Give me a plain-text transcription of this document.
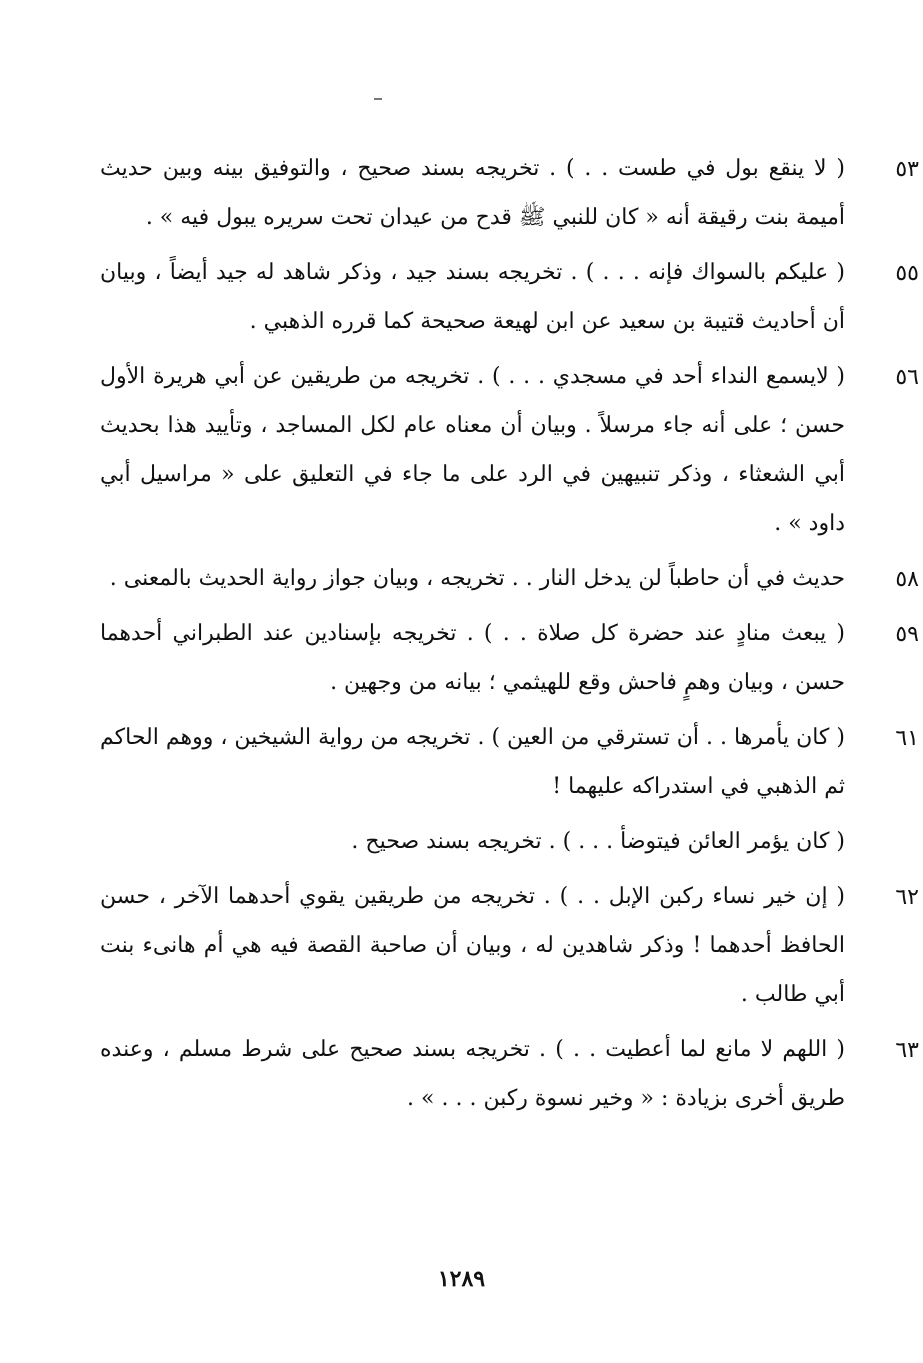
٥٣

( لا ينقع بول في طست . . ) . تخريجه بسند صحيح ، والتوفيق بينه وبين حديث أميمة بنت رقيقة أنه « كان للنبي ﷺ قدح من عيدان تحت سريره يبول فيه » .

٥٥

( عليكم بالسواك فإنه . . . ) . تخريجه بسند جيد ، وذكر شاهد له جيد أيضاً ، وبيان أن أحاديث قتيبة بن سعيد عن ابن لهيعة صحيحة كما قرره الذهبي .

٥٦

( لايسمع النداء أحد في مسجدي . . . ) . تخريجه من طريقين عن أبي هريرة الأول حسن ؛ على أنه جاء مرسلاً . وبيان أن معناه عام لكل المساجد ، وتأييد هذا بحديث أبي الشعثاء ، وذكر تنبيهين في الرد على ما جاء في التعليق على « مراسيل أبي داود » .

٥٨

حديث في أن حاطباً لن يدخل النار . . تخريجه ، وبيان جواز رواية الحديث بالمعنى .

٥٩

( يبعث منادٍ عند حضرة كل صلاة . . ) . تخريجه بإسنادين عند الطبراني أحدهما حسن ، وبيان وهمٍ فاحش وقع للهيثمي ؛ بيانه من وجهين .

٦١

( كان يأمرها . . أن تسترقي من العين ) . تخريجه من رواية الشيخين ، ووهم الحاكم ثم الذهبي في استدراكه عليهما !

( كان يؤمر العائن فيتوضأ . . . ) . تخريجه بسند صحيح .

٦٢

( إن خير نساء ركبن الإبل . . ) . تخريجه من طريقين يقوي أحدهما الآخر ، حسن الحافظ أحدهما ! وذكر شاهدين له ، وبيان أن صاحبة القصة فيه هي أم هانىء بنت أبي طالب .

٦٣

( اللهم لا مانع لما أعطيت . . ) . تخريجه بسند صحيح على شرط مسلم ، وعنده طريق أخرى بزيادة : « وخير نسوة ركبن . . . » .

١٢٨٩
